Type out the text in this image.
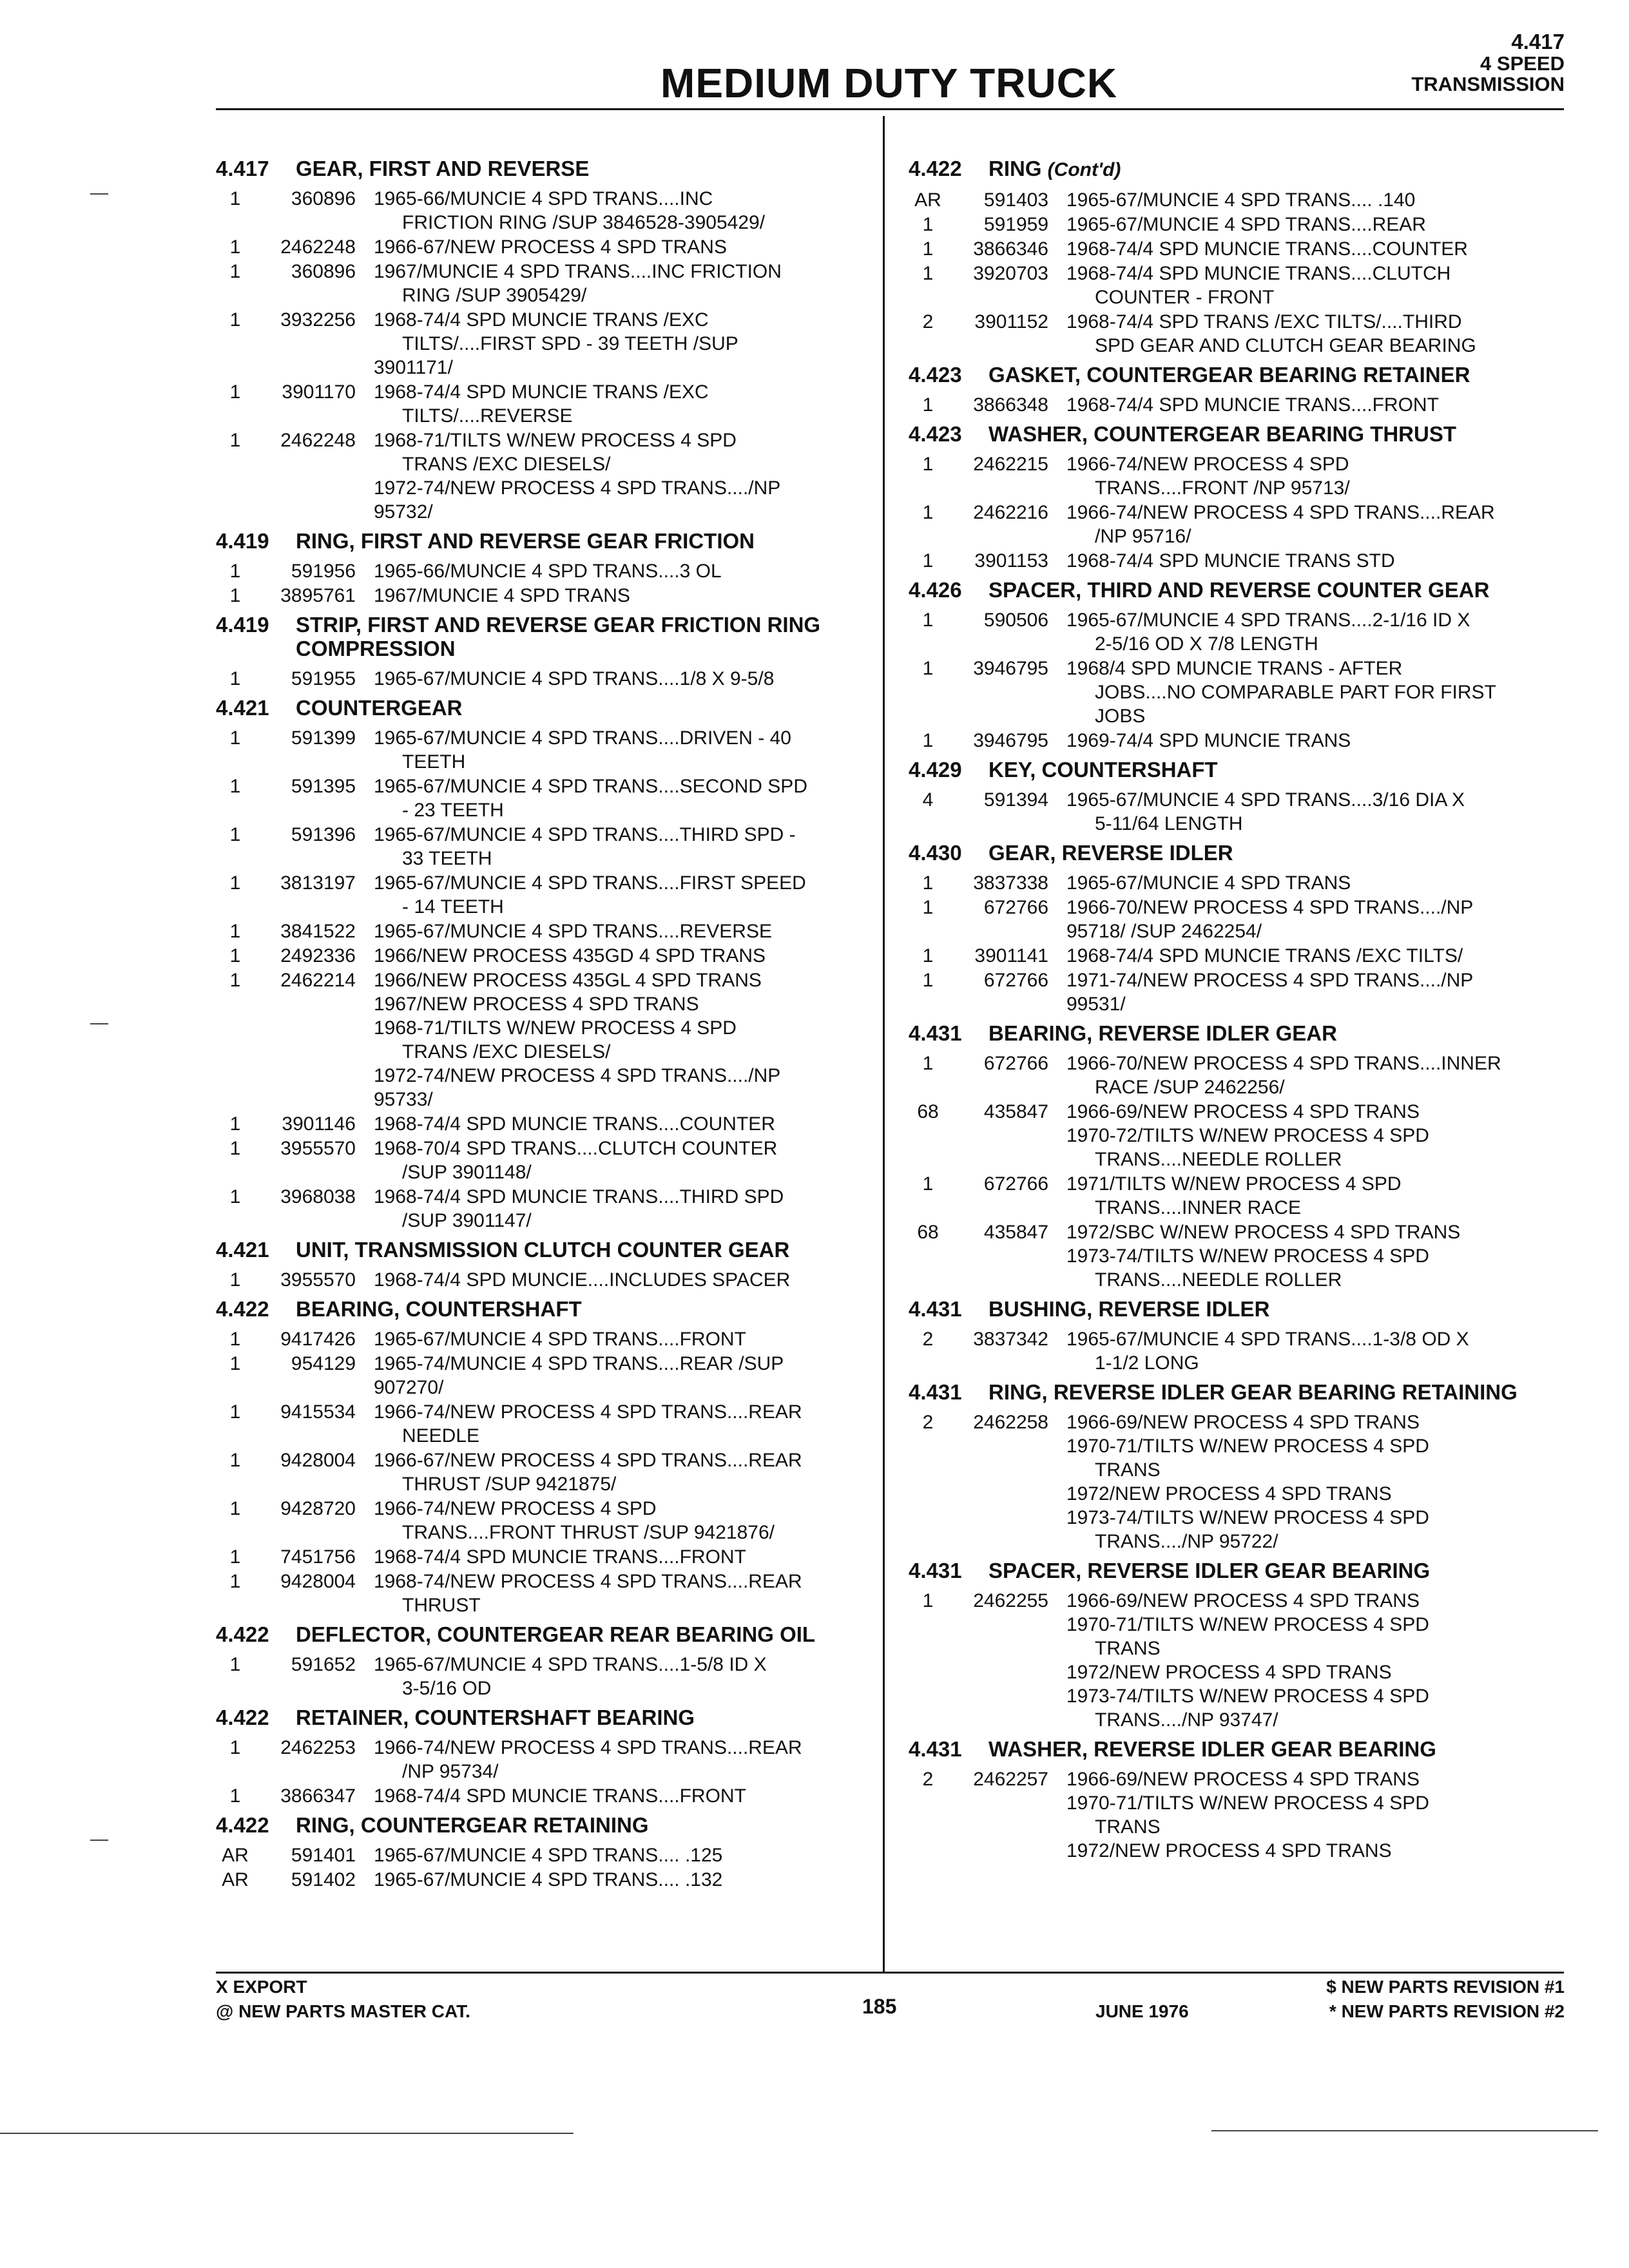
MEDIUM DUTY TRUCK
4.417
4 SPEED
TRANSMISSION
4.417 GEAR, FIRST AND REVERSE
1	360896 1965-66/MUNCIE 4 SPD TRANS....INC
FRICTION RING /SUP 3846528-3905429/
1	2462248 1966-67/NEW PROCESS 4 SPD TRANS
1	360896 1967/MUNCIE 4 SPD TRANS....INC FRICTION
RING /SUP 3905429/
1	3932256 1968-74/4 SPD MUNCIE TRANS /EXC
TILTS/....FIRST SPD - 39 TEETH /SUP
3901171/
1	3901170 1968-74/4 SPD MUNCIE TRANS /EXC
TILTS/....REVERSE
1	2462248 1968-71/TILTS W/NEW PROCESS 4 SPD
TRANS /EXC DIESELS/
1972-74/NEW PROCESS 4 SPD TRANS..../NP
95732/
4.419 RING, FIRST AND REVERSE GEAR FRICTION
1	591956 1965-66/MUNCIE 4 SPD TRANS....3 OL
1	3895761 1967/MUNCIE 4 SPD TRANS
4.419 STRIP, FIRST AND REVERSE GEAR FRICTION RING COMPRESSION
1	591955 1965-67/MUNCIE 4 SPD TRANS....1/8 X 9-5/8
4.421 COUNTERGEAR
1	591399 1965-67/MUNCIE 4 SPD TRANS....DRIVEN - 40
TEETH
1	591395 1965-67/MUNCIE 4 SPD TRANS....SECOND SPD
- 23 TEETH
1	591396 1965-67/MUNCIE 4 SPD TRANS....THIRD SPD -
33 TEETH
1	3813197 1965-67/MUNCIE 4 SPD TRANS....FIRST SPEED
- 14 TEETH
1	3841522 1965-67/MUNCIE 4 SPD TRANS....REVERSE
1	2492336 1966/NEW PROCESS 435GD 4 SPD TRANS
1	2462214 1966/NEW PROCESS 435GL 4 SPD TRANS
1967/NEW PROCESS 4 SPD TRANS
1968-71/TILTS W/NEW PROCESS 4 SPD
TRANS /EXC DIESELS/
1972-74/NEW PROCESS 4 SPD TRANS..../NP
95733/
1	3901146 1968-74/4 SPD MUNCIE TRANS....COUNTER
1	3955570 1968-70/4 SPD TRANS....CLUTCH COUNTER
/SUP 3901148/
1	3968038 1968-74/4 SPD MUNCIE TRANS....THIRD SPD
/SUP 3901147/
4.421 UNIT, TRANSMISSION CLUTCH COUNTER GEAR
1	3955570 1968-74/4 SPD MUNCIE....INCLUDES SPACER
4.422 BEARING, COUNTERSHAFT
1	9417426 1965-67/MUNCIE 4 SPD TRANS....FRONT
1	954129 1965-74/MUNCIE 4 SPD TRANS....REAR /SUP
907270/
1	9415534 1966-74/NEW PROCESS 4 SPD TRANS....REAR
NEEDLE
1	9428004 1966-67/NEW PROCESS 4 SPD TRANS....REAR
THRUST /SUP 9421875/
1	9428720 1966-74/NEW PROCESS 4 SPD
TRANS....FRONT THRUST /SUP 9421876/
1	7451756 1968-74/4 SPD MUNCIE TRANS....FRONT
1	9428004 1968-74/NEW PROCESS 4 SPD TRANS....REAR
THRUST
4.422 DEFLECTOR, COUNTERGEAR REAR BEARING OIL
1	591652 1965-67/MUNCIE 4 SPD TRANS....1-5/8 ID X
3-5/16 OD
4.422 RETAINER, COUNTERSHAFT BEARING
1	2462253 1966-74/NEW PROCESS 4 SPD TRANS....REAR
/NP 95734/
1	3866347 1968-74/4 SPD MUNCIE TRANS....FRONT
4.422 RING, COUNTERGEAR RETAINING
AR	591401 1965-67/MUNCIE 4 SPD TRANS.... .125
AR	591402 1965-67/MUNCIE 4 SPD TRANS.... .132
4.422 RING (Cont'd)
AR	591403 1965-67/MUNCIE 4 SPD TRANS.... .140
1	591959 1965-67/MUNCIE 4 SPD TRANS....REAR
1	3866346 1968-74/4 SPD MUNCIE TRANS....COUNTER
1	3920703 1968-74/4 SPD MUNCIE TRANS....CLUTCH
COUNTER - FRONT
2	3901152 1968-74/4 SPD TRANS /EXC TILTS/....THIRD
SPD GEAR AND CLUTCH GEAR BEARING
4.423 GASKET, COUNTERGEAR BEARING RETAINER
1	3866348 1968-74/4 SPD MUNCIE TRANS....FRONT
4.423 WASHER, COUNTERGEAR BEARING THRUST
1	2462215 1966-74/NEW PROCESS 4 SPD
TRANS....FRONT /NP 95713/
1	2462216 1966-74/NEW PROCESS 4 SPD TRANS....REAR
/NP 95716/
1	3901153 1968-74/4 SPD MUNCIE TRANS STD
4.426 SPACER, THIRD AND REVERSE COUNTER GEAR
1	590506 1965-67/MUNCIE 4 SPD TRANS....2-1/16 ID X
2-5/16 OD X 7/8 LENGTH
1	3946795 1968/4 SPD MUNCIE TRANS - AFTER
JOBS....NO COMPARABLE PART FOR FIRST
JOBS
1	3946795 1969-74/4 SPD MUNCIE TRANS
4.429 KEY, COUNTERSHAFT
4	591394 1965-67/MUNCIE 4 SPD TRANS....3/16 DIA X
5-11/64 LENGTH
4.430 GEAR, REVERSE IDLER
1	3837338 1965-67/MUNCIE 4 SPD TRANS
1	672766 1966-70/NEW PROCESS 4 SPD TRANS..../NP
95718/ /SUP 2462254/
1	3901141 1968-74/4 SPD MUNCIE TRANS /EXC TILTS/
1	672766 1971-74/NEW PROCESS 4 SPD TRANS..../NP
99531/
4.431 BEARING, REVERSE IDLER GEAR
1	672766 1966-70/NEW PROCESS 4 SPD TRANS....INNER
RACE /SUP 2462256/
68	435847 1966-69/NEW PROCESS 4 SPD TRANS
1970-72/TILTS W/NEW PROCESS 4 SPD
TRANS....NEEDLE ROLLER
1	672766 1971/TILTS W/NEW PROCESS 4 SPD
TRANS....INNER RACE
68	435847 1972/SBC W/NEW PROCESS 4 SPD TRANS
1973-74/TILTS W/NEW PROCESS 4 SPD
TRANS....NEEDLE ROLLER
4.431 BUSHING, REVERSE IDLER
2	3837342 1965-67/MUNCIE 4 SPD TRANS....1-3/8 OD X
1-1/2 LONG
4.431 RING, REVERSE IDLER GEAR BEARING RETAINING
2	2462258 1966-69/NEW PROCESS 4 SPD TRANS
1970-71/TILTS W/NEW PROCESS 4 SPD
TRANS
1972/NEW PROCESS 4 SPD TRANS
1973-74/TILTS W/NEW PROCESS 4 SPD
TRANS..../NP 95722/
4.431 SPACER, REVERSE IDLER GEAR BEARING
1	2462255 1966-69/NEW PROCESS 4 SPD TRANS
1970-71/TILTS W/NEW PROCESS 4 SPD
TRANS
1972/NEW PROCESS 4 SPD TRANS
1973-74/TILTS W/NEW PROCESS 4 SPD
TRANS..../NP 93747/
4.431 WASHER, REVERSE IDLER GEAR BEARING
2	2462257 1966-69/NEW PROCESS 4 SPD TRANS
1970-71/TILTS W/NEW PROCESS 4 SPD
TRANS
1972/NEW PROCESS 4 SPD TRANS
X EXPORT
@ NEW PARTS MASTER CAT.	185	JUNE 1976
$ NEW PARTS REVISION #1
* NEW PARTS REVISION #2
